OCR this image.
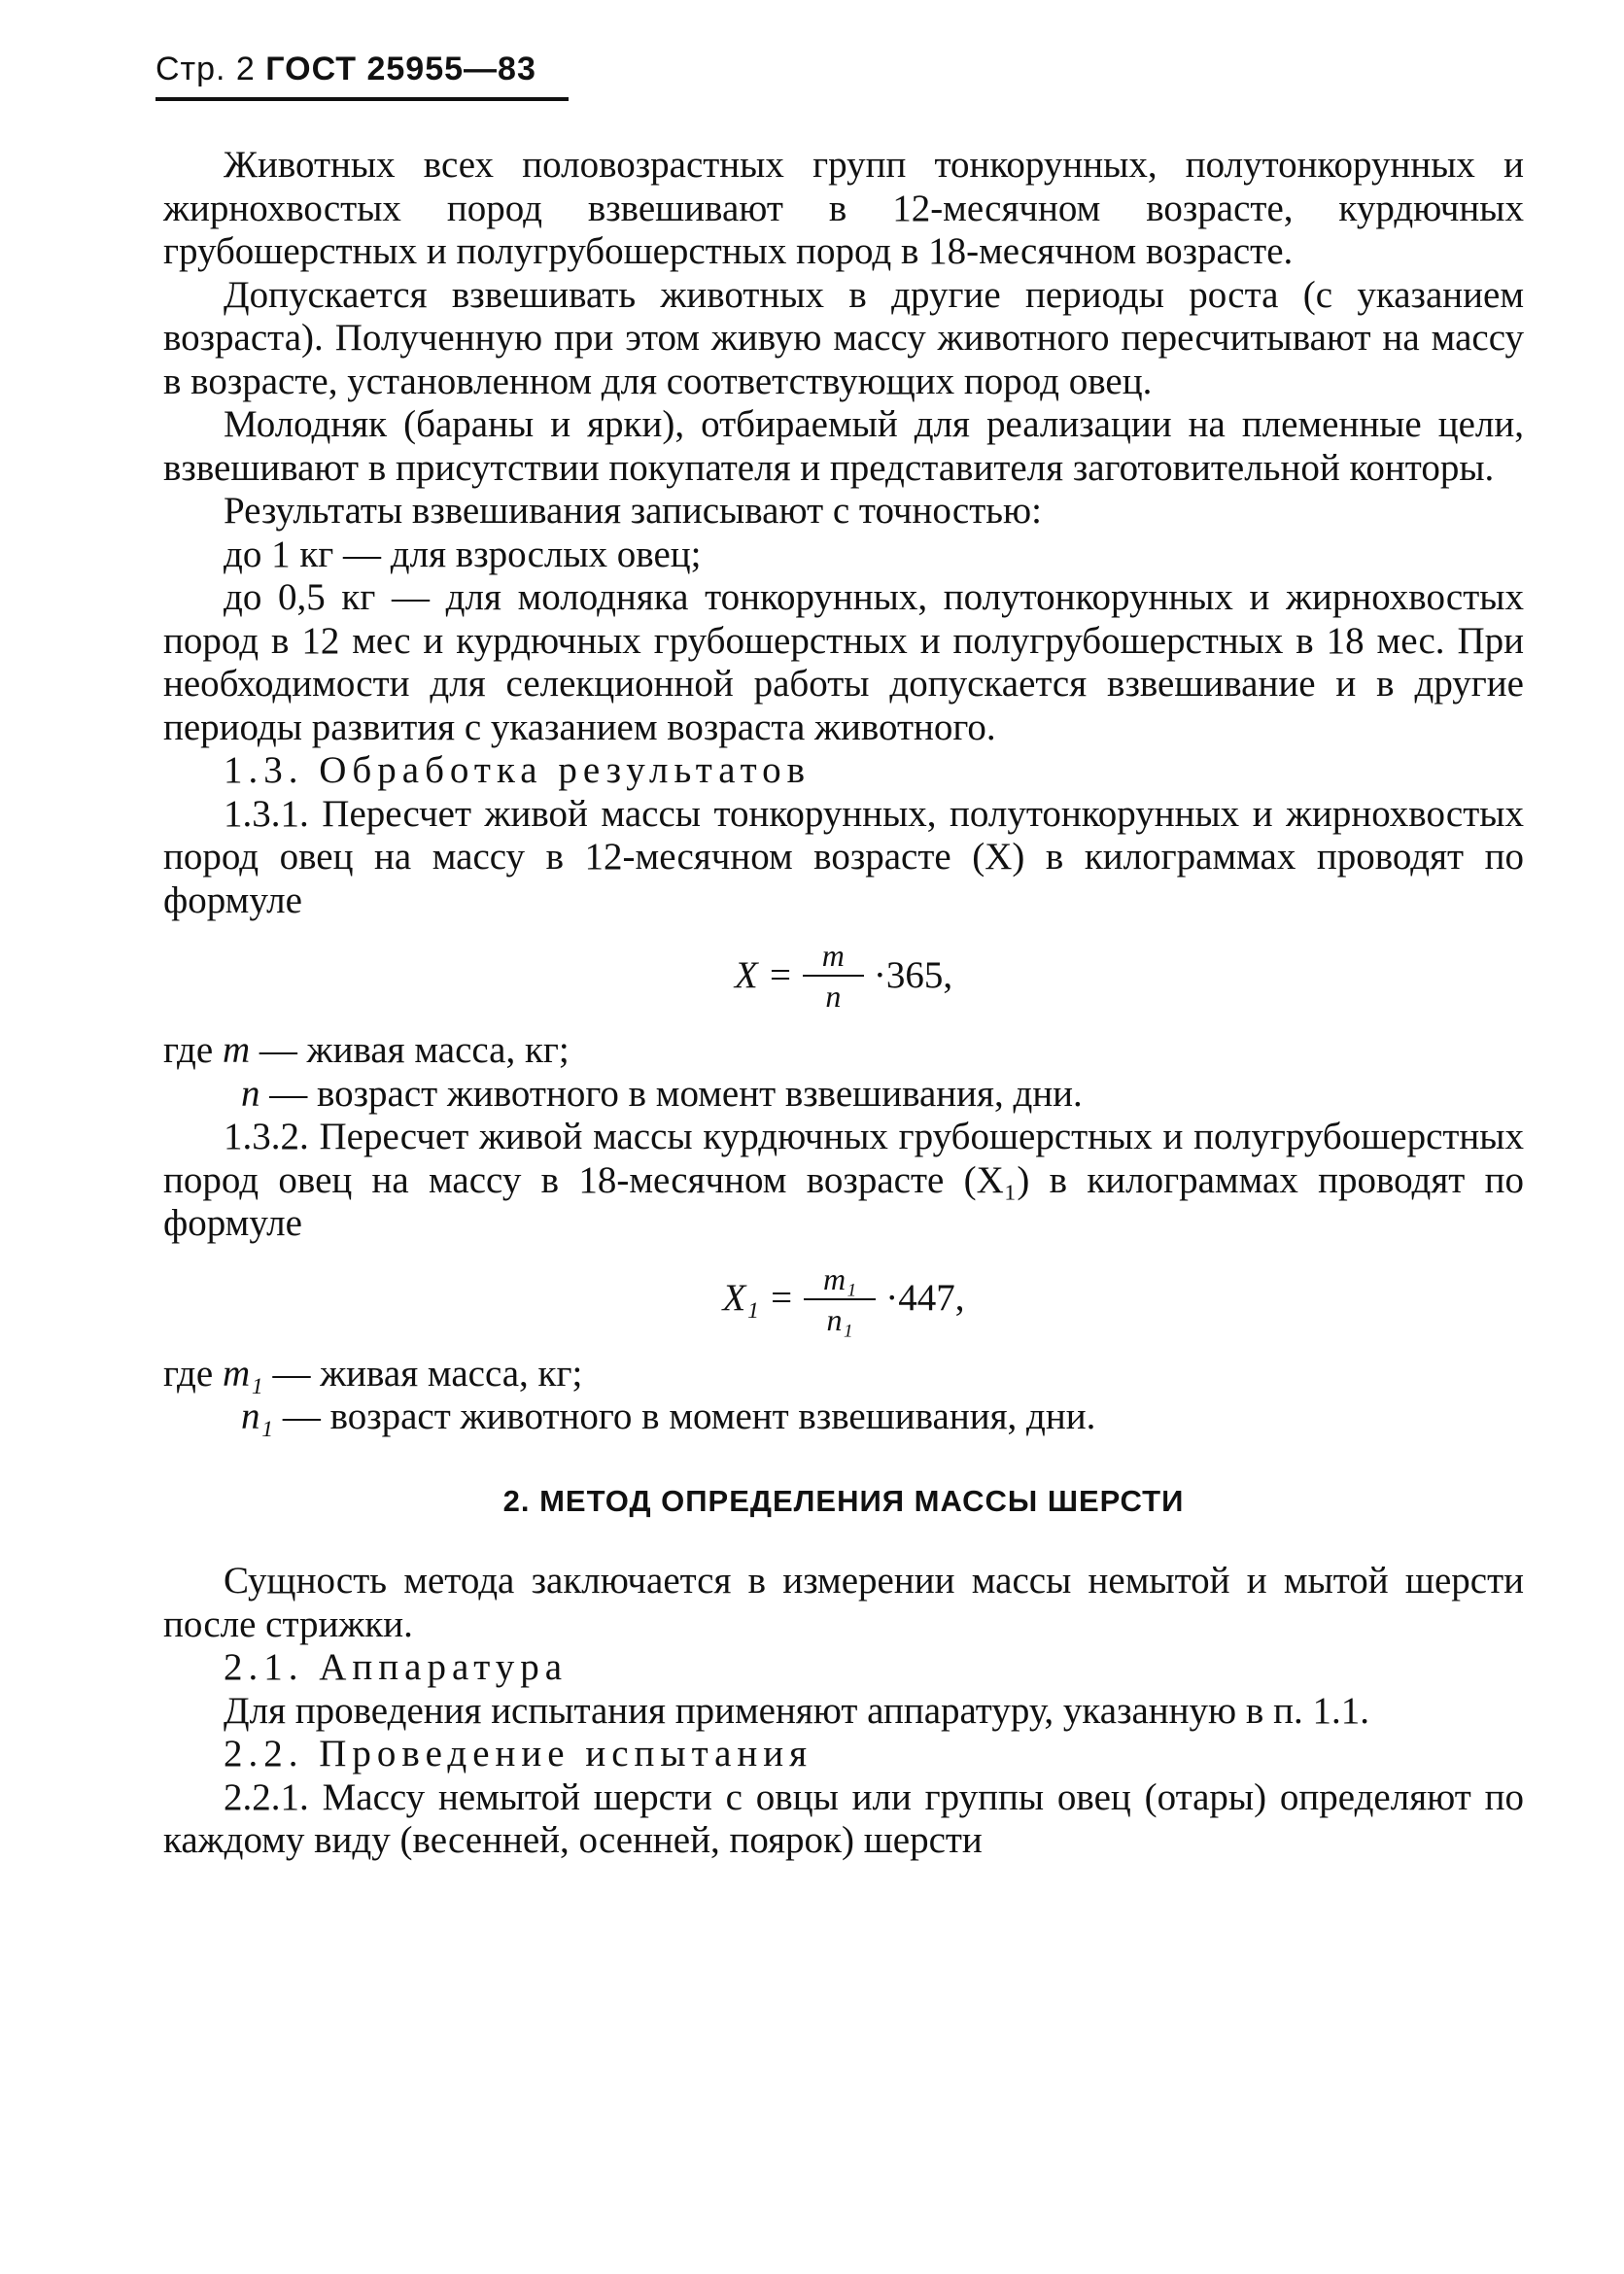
Стр. 2 ГОСТ 25955—83

Животных всех половозрастных групп тонкорунных, полутонкорунных и жирнохвостых пород взвешивают в 12-месячном возрасте, курдючных грубошерстных и полугрубошерстных пород в 18-месячном возрасте.

Допускается взвешивать животных в другие периоды роста (с указанием возраста). Полученную при этом живую массу животного пересчитывают на массу в возрасте, установленном для соответствующих пород овец.

Молодняк (бараны и ярки), отбираемый для реализации на племенные цели, взвешивают в присутствии покупателя и представителя заготовительной конторы.

Результаты взвешивания записывают с точностью:

до 1 кг — для взрослых овец;

до 0,5 кг — для молодняка тонкорунных, полутонкорунных и жирнохвостых пород в 12 мес и курдючных грубошерстных и полугрубошерстных в 18 мес. При необходимости для селекционной работы допускается взвешивание и в другие периоды развития с указанием возраста животного.

1.3. Обработка результатов

1.3.1. Пересчет живой массы тонкорунных, полутонкорунных и жирнохвостых пород овец на массу в 12-месячном возрасте (X) в килограммах проводят по формуле

$X = \frac{m}{n} \cdot 365$,

где m — живая масса, кг;

n — возраст животного в момент взвешивания, дни.

1.3.2. Пересчет живой массы курдючных грубошерстных и полугрубошерстных пород овец на массу в 18-месячном возрасте (X₁) в килограммах проводят по формуле

$X_1 = \frac{\text{m₁}}{\text{n₁}} \cdot 447$,

где m₁ — живая масса, кг;

n₁ — возраст животного в момент взвешивания, дни.

2. МЕТОД ОПРЕДЕЛЕНИЯ МАССЫ ШЕРСТИ

Сущность метода заключается в измерении массы немытой и мытой шерсти после стрижки.

2.1. Аппаратура

Для проведения испытания применяют аппаратуру, указанную в п. 1.1.

2.2. Проведение испытания

2.2.1. Массу немытой шерсти с овцы или группы овец (отары) определяют по каждому виду (весенней, осенней, поярок) шерсти
